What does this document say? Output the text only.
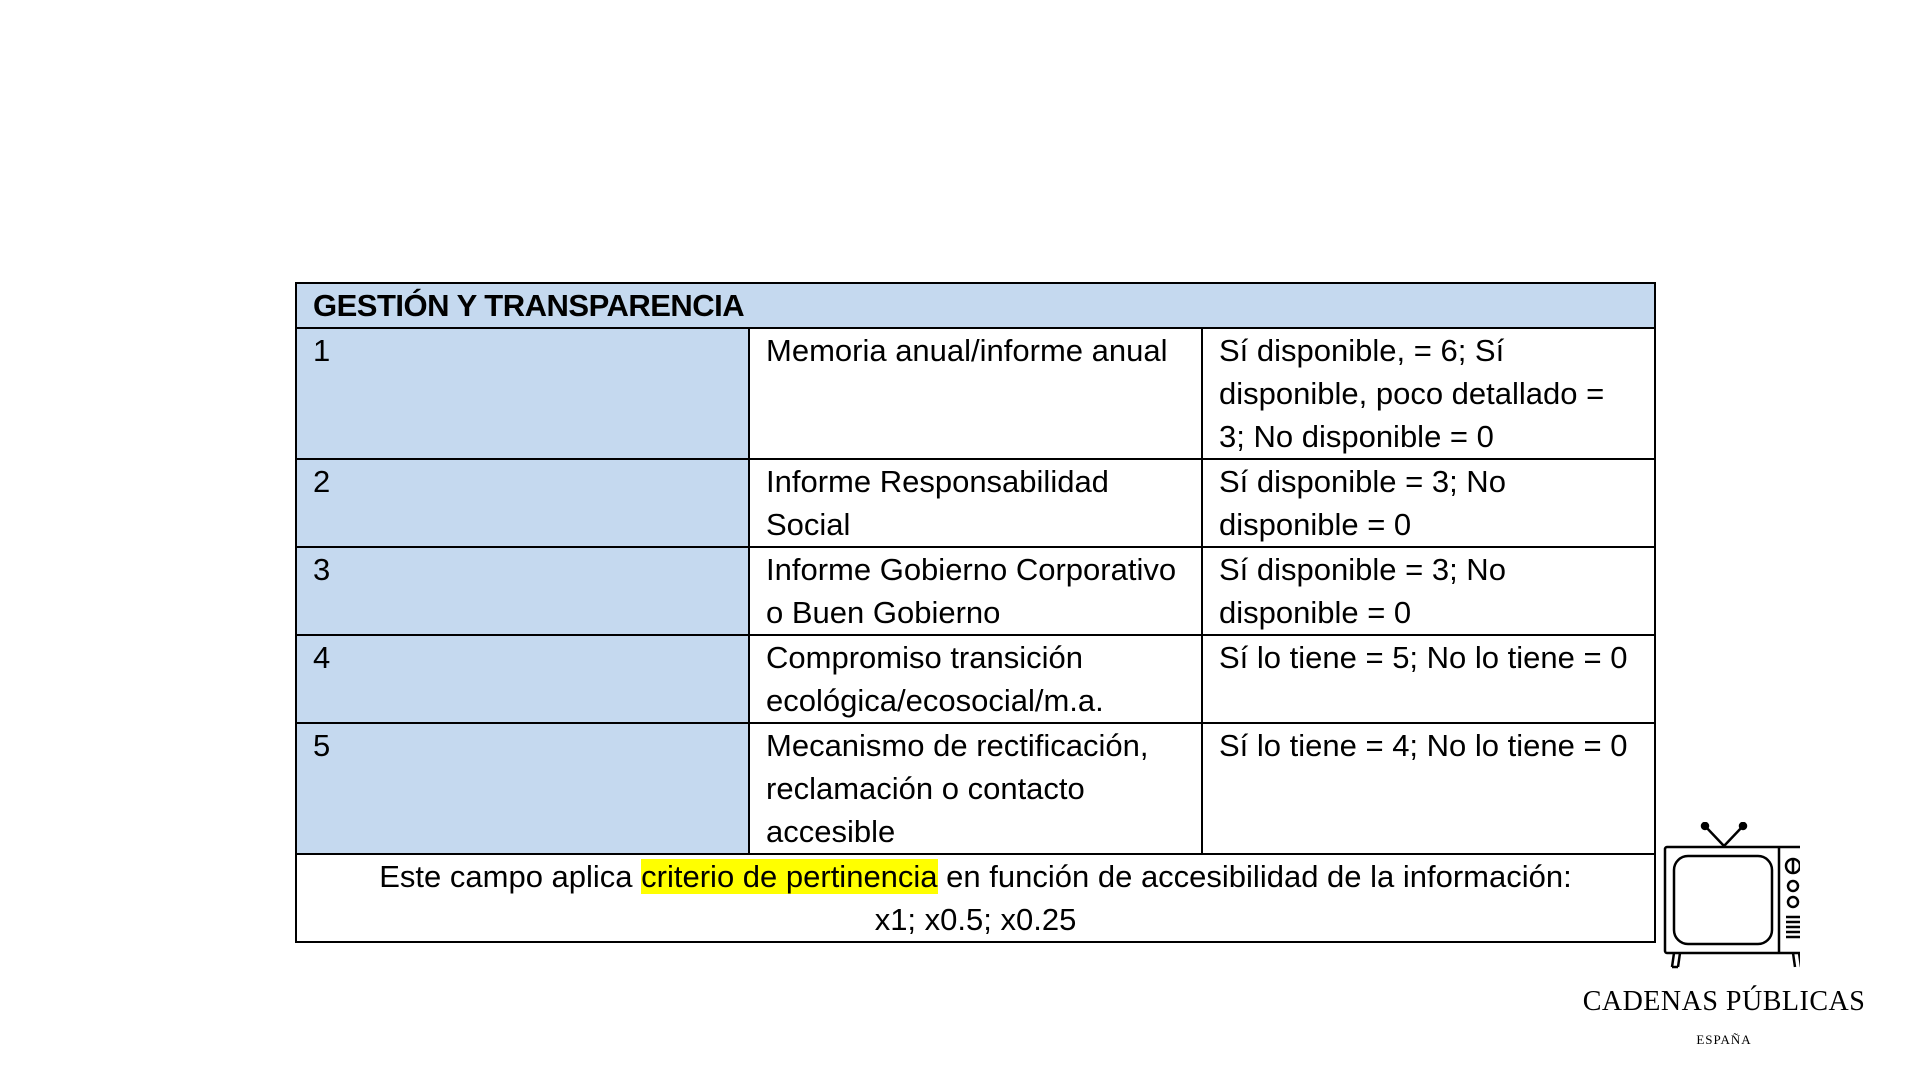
GESTIÓN Y TRANSPARENCIA		
1	Memoria anual/informe anual	Sí disponible, = 6; Sí disponible, poco detallado = 3; No disponible = 0
2	Informe Responsabilidad Social	Sí disponible = 3; No disponible = 0
3	Informe Gobierno Corporativo o Buen Gobierno	Sí disponible = 3; No disponible = 0
4	Compromiso transición ecológica/ecosocial/m.a.	Sí lo tiene = 5; No lo tiene = 0
5	Mecanismo de rectificación, reclamación o contacto accesible	Sí lo tiene = 4; No lo tiene = 0
Este campo aplica criterio de pertinencia en función de accesibilidad de la información:
x1; x0.5; x0.25		
CADENAS PÚBLICAS
ESPAÑA
